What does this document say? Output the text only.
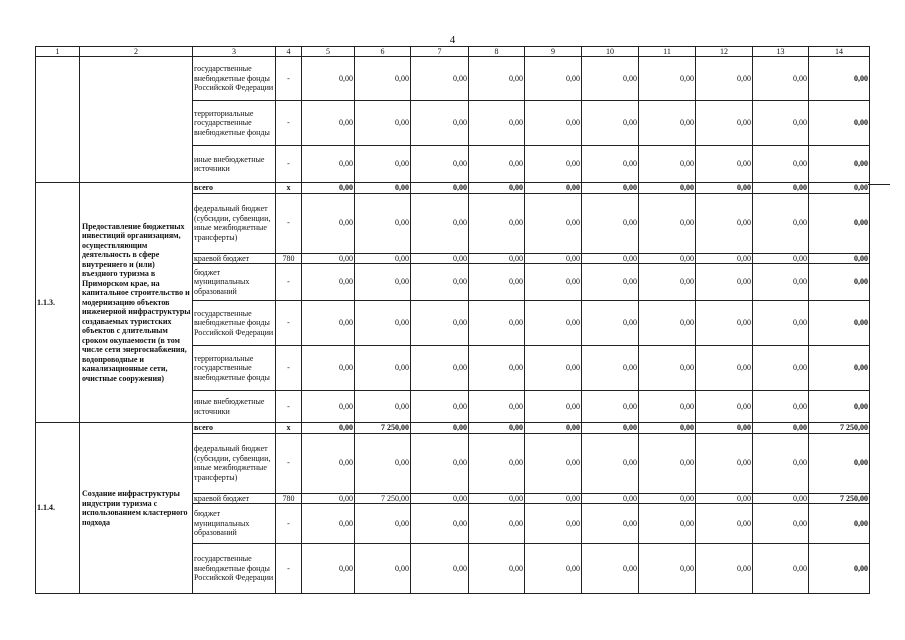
4
1	2	3	4	5	6	7	8	9	10	11	12	13	14
		государственные внебюджетные фонды Российской Федерации	-	0,00	0,00	0,00	0,00	0,00	0,00	0,00	0,00	0,00	0,00
		территориальные государственные внебюджетные фонды	-	0,00	0,00	0,00	0,00	0,00	0,00	0,00	0,00	0,00	0,00
		иные внебюджетные источники	-	0,00	0,00	0,00	0,00	0,00	0,00	0,00	0,00	0,00	0,00
1.1.3.	Предоставление бюджетных инвестиций организациям, осуществляющим деятельность в сфере внутреннего и (или) въездного туризма в Приморском крае, на капитальное строительство и модернизацию объектов инженерной инфраструктуры создаваемых туристских объектов с длительным сроком окупаемости (в том числе сети энергоснабжения, водопроводные и канализационные сети, очистные сооружения)	всего	х	0,00	0,00	0,00	0,00	0,00	0,00	0,00	0,00	0,00	0,00
		федеральный бюджет (субсидии, субвенции, иные межбюджетные трансферты)	-	0,00	0,00	0,00	0,00	0,00	0,00	0,00	0,00	0,00	0,00
		краевой бюджет	780	0,00	0,00	0,00	0,00	0,00	0,00	0,00	0,00	0,00	0,00
		бюджет муниципальных образований	-	0,00	0,00	0,00	0,00	0,00	0,00	0,00	0,00	0,00	0,00
		государственные внебюджетные фонды Российской Федерации	-	0,00	0,00	0,00	0,00	0,00	0,00	0,00	0,00	0,00	0,00
		территориальные государственные внебюджетные фонды	-	0,00	0,00	0,00	0,00	0,00	0,00	0,00	0,00	0,00	0,00
		иные внебюджетные источники	-	0,00	0,00	0,00	0,00	0,00	0,00	0,00	0,00	0,00	0,00
1.1.4.	Создание инфраструктуры индустрии туризма с использованием кластерного подхода	всего	х	0,00	7 250,00	0,00	0,00	0,00	0,00	0,00	0,00	0,00	7 250,00
		федеральный бюджет (субсидии, субвенции, иные межбюджетные трансферты)	-	0,00	0,00	0,00	0,00	0,00	0,00	0,00	0,00	0,00	0,00
		краевой бюджет	780	0,00	7 250,00	0,00	0,00	0,00	0,00	0,00	0,00	0,00	7 250,00
		бюджет муниципальных образований	-	0,00	0,00	0,00	0,00	0,00	0,00	0,00	0,00	0,00	0,00
		государственные внебюджетные фонды Российской Федерации	-	0,00	0,00	0,00	0,00	0,00	0,00	0,00	0,00	0,00	0,00
